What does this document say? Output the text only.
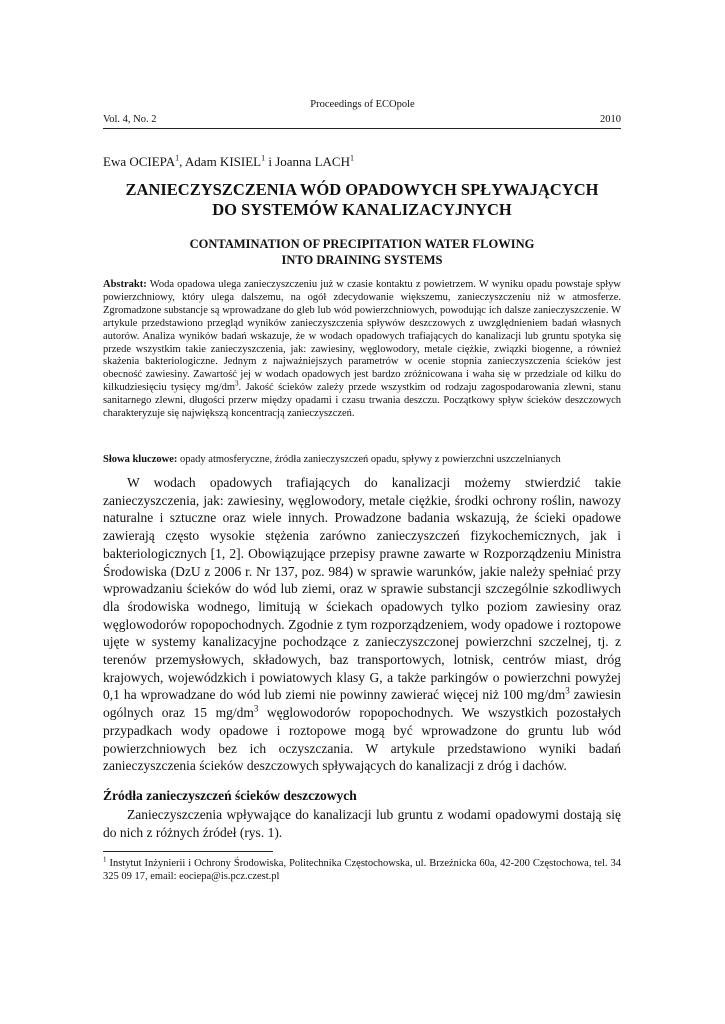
Proceedings of ECOpole
Vol. 4, No. 2	2010
Ewa OCIEPA$^1$, Adam KISIEL$^1$ i Joanna LACH$^1$
ZANIECZYSZCZENIA WÓD OPADOWYCH SPŁYWAJĄCYCH
DO SYSTEMÓW KANALIZACYJNYCH
CONTAMINATION OF PRECIPITATION WATER FLOWING
INTO DRAINING SYSTEMS
Abstrakt: Woda opadowa ulega zanieczyszczeniu już w czasie kontaktu z powietrzem. W wyniku opadu powstaje spływ powierzchniowy, który ulega dalszemu, na ogół zdecydowanie większemu, zanieczyszczeniu niż w atmosferze. Zgromadzone substancje są wprowadzane do gleb lub wód powierzchniowych, powodując ich dalsze zanieczyszczenie. W artykule przedstawiono przegląd wyników zanieczyszczenia spływów deszczowych z uwzględnieniem badań własnych autorów. Analiza wyników badań wskazuje, że w wodach opadowych trafiających do kanalizacji lub gruntu spotyka się przede wszystkim takie zanieczyszczenia, jak: zawiesiny, węglowodory, metale ciężkie, związki biogenne, a również skażenia bakteriologiczne. Jednym z najważniejszych parametrów w ocenie stopnia zanieczyszczenia ścieków jest obecność zawiesiny. Zawartość jej w wodach opadowych jest bardzo zróżnicowana i waha się w przedziale od kilku do kilkudziesięciu tysięcy $mg/dm^3$. Jakość ścieków zależy przede wszystkim od rodzaju zagospodarowania zlewni, stanu sanitarnego zlewni, długości przerw między opadami i czasu trwania deszczu. Początkowy spływ ścieków deszczowych charakteryzuje się największą koncentracją zanieczyszczeń.
Słowa kluczowe: opady atmosferyczne, źródła zanieczyszczeń opadu, spływy z powierzchni uszczelnianych

W wodach opadowych trafiających do kanalizacji możemy stwierdzić takie zanieczyszczenia, jak: zawiesiny, węglowodory, metale ciężkie, środki ochrony roślin, nawozy naturalne i sztuczne oraz wiele innych. Prowadzone badania wskazują, że ścieki opadowe zawierają często wysokie stężenia zarówno zanieczyszczeń fizykochemicznych, jak i bakteriologicznych [1, 2]. Obowiązujące przepisy prawne zawarte w Rozporządzeniu Ministra Środowiska (DzU z 2006 r. Nr 137, poz. 984) w sprawie warunków, jakie należy spełniać przy wprowadzaniu ścieków do wód lub ziemi, oraz w sprawie substancji szczególnie szkodliwych dla środowiska wodnego, limitują w ściekach opadowych tylko poziom zawiesiny oraz węglowodorów ropopochodnych. Zgodnie z tym rozporządzeniem, wody opadowe i roztopowe ujęte w systemy kanalizacyjne pochodzące z zanieczyszczonej powierzchni szczelnej, tj. z terenów przemysłowych, składowych, baz transportowych, lotnisk, centrów miast, dróg krajowych, wojewódzkich i powiatowych klasy G, a także parkingów o powierzchni powyżej 0,1 ha wprowadzane do wód lub ziemi nie powinny zawierać więcej niż 100 $mg/dm^3$ zawiesin ogólnych oraz 15 $mg/dm^3$ węglowodorów ropopochodnych. We wszystkich pozostałych przypadkach wody opadowe i roztopowe mogą być wprowadzone do gruntu lub wód powierzchniowych bez ich oczyszczania. W artykule przedstawiono wyniki badań zanieczyszczenia ścieków deszczowych spływających do kanalizacji z dróg i dachów.

Źródła zanieczyszczeń ścieków deszczowych

Zanieczyszczenia wpływające do kanalizacji lub gruntu z wodami opadowymi dostają się do nich z różnych źródeł (rys. 1).

$^1$ Instytut Inżynierii i Ochrony Środowiska, Politechnika Częstochowska, ul. Brzeźnicka 60a, 42-200 Częstochowa, tel. 34 325 09 17, email: eociepa@is.pcz.czest.pl
